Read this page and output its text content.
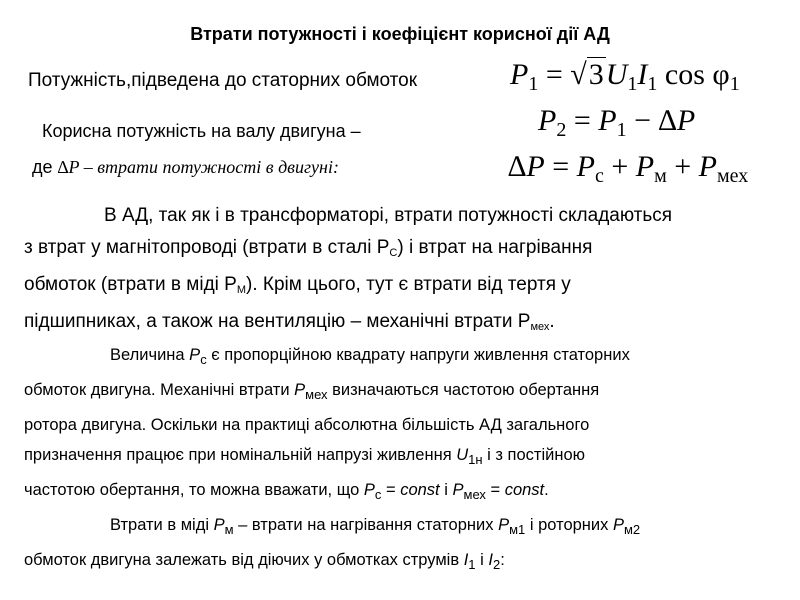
Втрати потужності і коефіцієнт корисної дії АД
Потужність,підведена до статорних обмоток	$P_1 = √3U_1I_1$ $\cos \varphi_1$
Корисна потужність на валу двигуна –	$P_2 = P_1 - \Delta P$
де ∆P – втрати потужності в двигуні:	$\Delta P = P_c + P_м + P_{мех}$
В АД, так як і в трансформаторі, втрати потужності складаються
з втрат у магнітопроводі (втрати в сталі PC) і втрат на нагрівання
обмоток (втрати в міді PM). Крім цього, тут є втрати від тертя у
підшипниках, а також на вентиляцію – механічні втрати Pмех.
Величина $P_c$ є пропорційною квадрату напруги живлення статорних
обмоток двигуна. Механічні втрати $P_{мех}$ визначаються частотою обертання
ротора двигуна. Оскільки на практиці абсолютна більшість АД загального
призначення працює при номінальній напрузі живлення $U_{1н}$ і з постійною
частотою обертання, то можна вважати, що $P_c$ = const і $P_{мех}$ = const.
Втрати в міді $P_м$ – втрати на нагрівання статорних $P_{м1}$ і роторних $P_{м2}$
обмоток двигуна залежать від діючих у обмотках струмів $I_1$ і $I_2$:
